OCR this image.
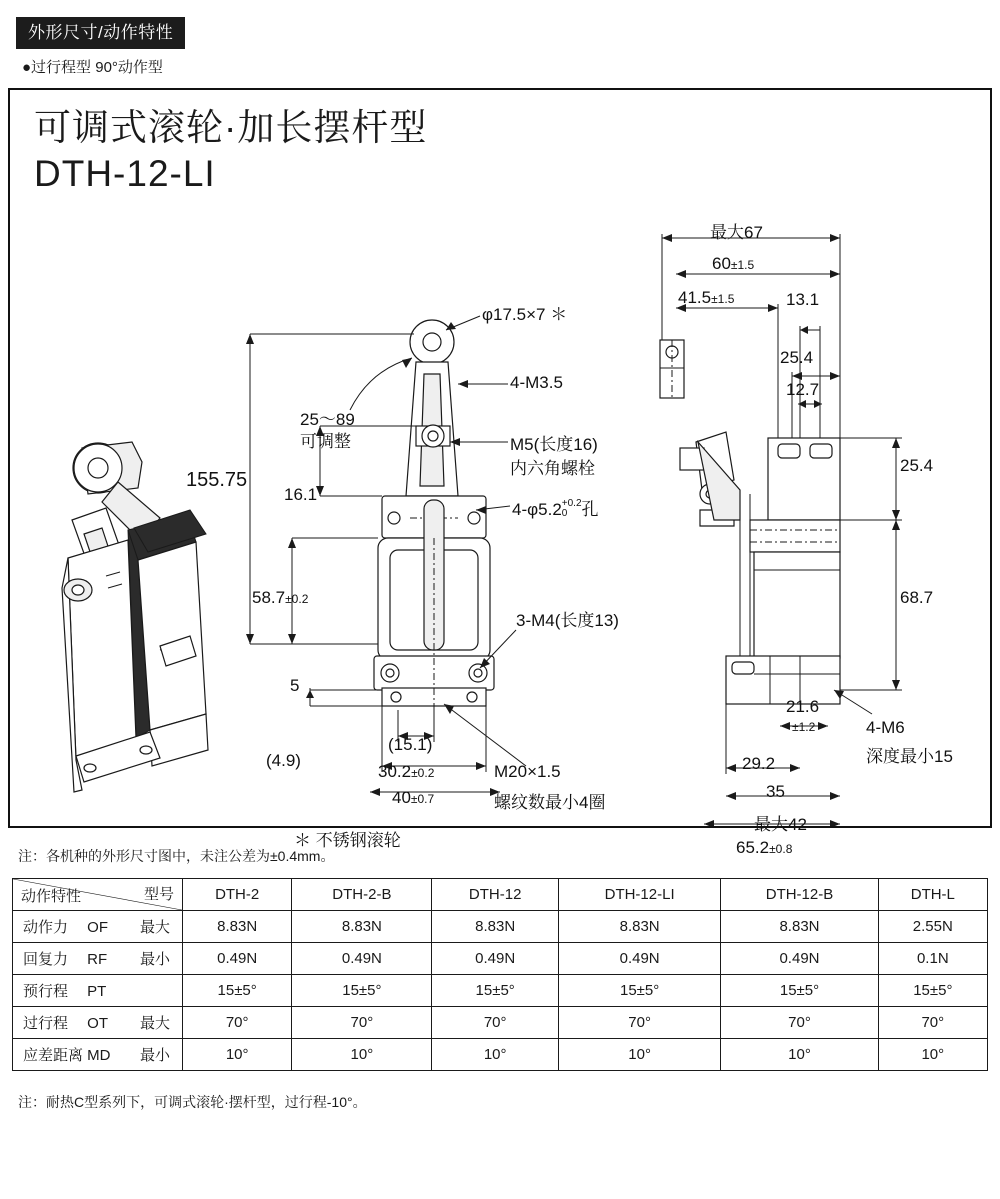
外形尺寸/动作特性
●过行程型 90°动作型
可调式滚轮·加长摆杆型
DTH-12-LI
φ17.5×7 ＊
4-M3.5
25～89
可调整	M5(长度16)
内六角螺栓
155.75
16.1
4-φ5.2 +0.2
0 孔
58.7±0.2
3-M4(长度13)
5
(4.9)
(15.1)
30.2±0.2
40±0.7
M20×1.5
螺纹数最小4圈
＊ 不锈钢滚轮
最大67
60±1.5
41.5±1.5	13.1
25.4
12.7
25.4
68.7
21.6
±1.2
29.2
4-M6
深度最小15
35
最大42
65.2±0.8
注：各机种的外形尺寸图中，未注公差为±0.4mm。
型号
动作特性	DTH-2	DTH-2-B	DTH-12	DTH-12-LI	DTH-12-B	DTH-L

动作力　 OF 最大	8.83N	8.83N	8.83N	8.83N	8.83N	2.55N

回复力　 RF 最小	0.49N	0.49N	0.49N	0.49N	0.49N	0.1N

预行程　 PT	15±5°	15±5°	15±5°	15±5°	15±5°	15±5°

过行程　 OT 最大	70°	70°	70°	70°	70°	70°

应差距离 MD 最小	10°	10°	10°	10°	10°	10°
注：耐热C型系列下，可调式滚轮·摆杆型，过行程-10°。
